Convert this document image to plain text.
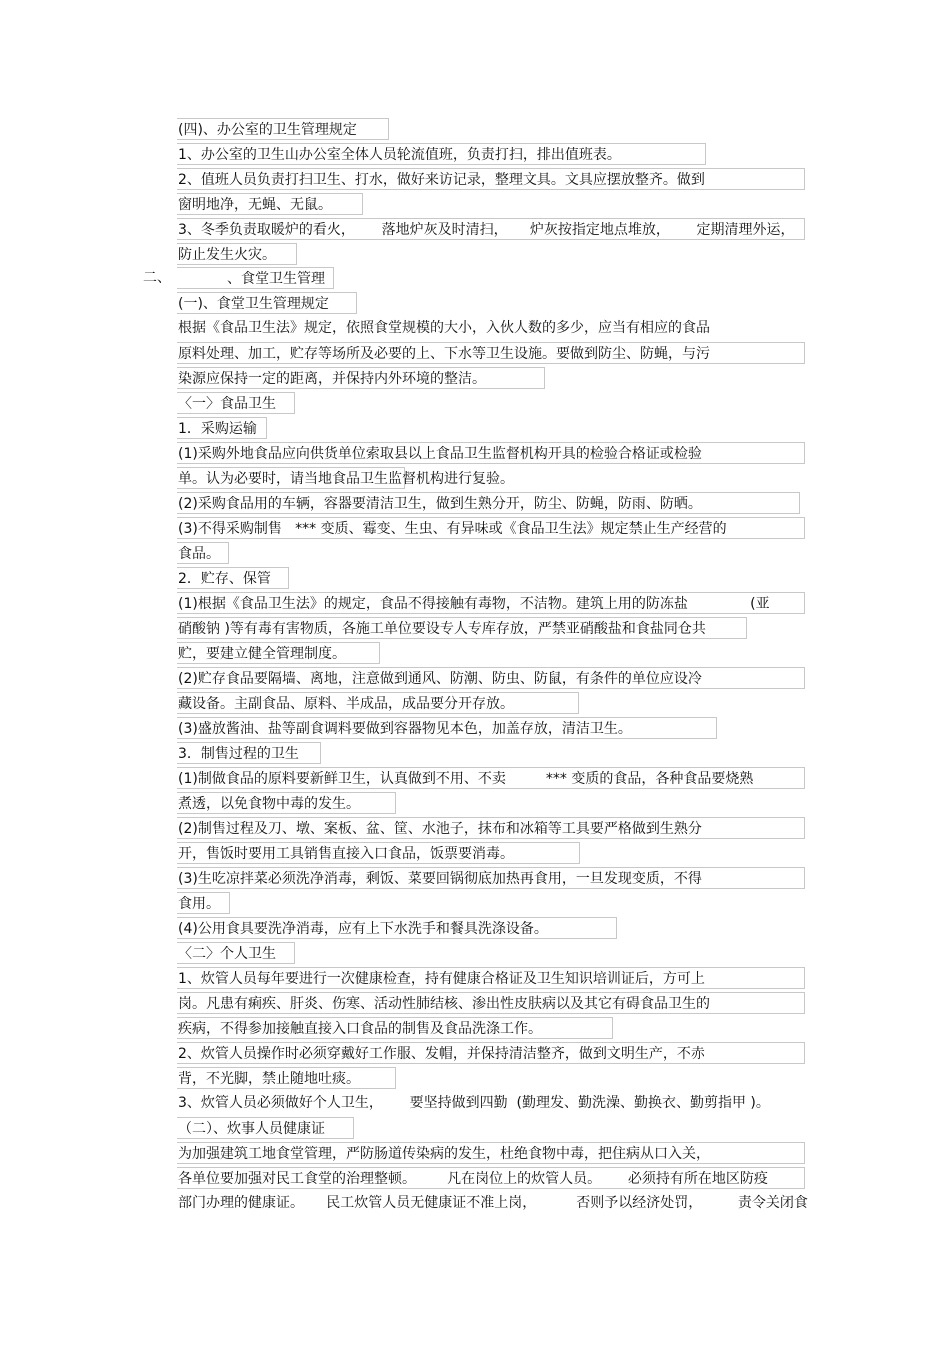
(四)、办公室的卫生管理规定
1、办公室的卫生山办公室全体人员轮流值班，负责打扫，排出值班表。
2、值班人员负责打扫卫生、打水，做好来访记录，整理文具。文具应摆放整齐。做到
窗明地净，无蝇、无鼠。
3、冬季负责取暖炉的看火，      落地炉灰及时清扫，     炉灰按指定地点堆放，      定期清理外运，
防止发生火灾。
、食堂卫生管理
(一)、食堂卫生管理规定
根据《食品卫生法》规定，依照食堂规模的大小，入伙人数的多少，应当有相应的食品
原料处理、加工，贮存等场所及必要的上、下水等卫生设施。要做到防尘、防蝇，与污
染源应保持一定的距离，并保持内外环境的整洁。
〈一〉食品卫生
1．采购运输
(1)采购外地食品应向供货单位索取县以上食品卫生监督机构开具的检验合格证或检验
单。认为必要时，请当地食品卫生监督机构进行复验。
(2)采购食品用的车辆，容器要清洁卫生，做到生熟分开，防尘、防蝇，防雨、防晒。
(3)不得采购制售   *** 变质、霉变、生虫、有异味或《食品卫生法》规定禁止生产经营的
食品。
2．贮存、保管
(1)根据《食品卫生法》的规定，食品不得接触有毒物，不洁物。建筑上用的防冻盐              (亚
硝酸钠 )等有毒有害物质，各施工单位要设专人专库存放，严禁亚硝酸盐和食盐同仓共
贮，要建立健全管理制度。
(2)贮存食品要隔墙、离地，注意做到通风、防潮、防虫、防鼠，有条件的单位应设冷
藏设备。主副食品、原料、半成品，成品要分开存放。
(3)盛放酱油、盐等副食调料要做到容器物见本色，加盖存放，清洁卫生。
3．制售过程的卫生
(1)制做食品的原料要新鲜卫生，认真做到不用、不卖         *** 变质的食品，各种食品要烧熟
煮透，以免食物中毒的发生。
(2)制售过程及刀、墩、案板、盆、筐、水池子，抹布和冰箱等工具要严格做到生熟分
开，售饭时要用工具销售直接入口食品，饭票要消毒。
(3)生吃凉拌菜必须洗净消毒，剩饭、菜要回锅彻底加热再食用，一旦发现变质，不得
食用。
(4)公用食具要洗净消毒，应有上下水洗手和餐具洗涤设备。
〈二〉个人卫生
1、炊管人员每年要进行一次健康检查，持有健康合格证及卫生知识培训证后，方可上
岗。凡患有痢疾、肝炎、伤寒、活动性肺结核、渗出性皮肤病以及其它有碍食品卫生的
疾病，不得参加接触直接入口食品的制售及食品洗涤工作。
2、炊管人员操作时必须穿戴好工作服、发帽，并保持清洁整齐，做到文明生产，不赤
背，不光脚，禁止随地吐痰。
3、炊管人员必须做好个人卫生，      要坚持做到四勤  (勤理发、勤洗澡、勤换衣、勤剪指甲 )。
（二）、炊事人员健康证
为加强建筑工地食堂管理，严防肠道传染病的发生，杜绝食物中毒，把住病从口入关，
各单位要加强对民工食堂的治理整顿。       凡在岗位上的炊管人员。      必须持有所在地区防疫
部门办理的健康证。     民工炊管人员无健康证不准上岗，         否则予以经济处罚，        责令关闭食
二、
